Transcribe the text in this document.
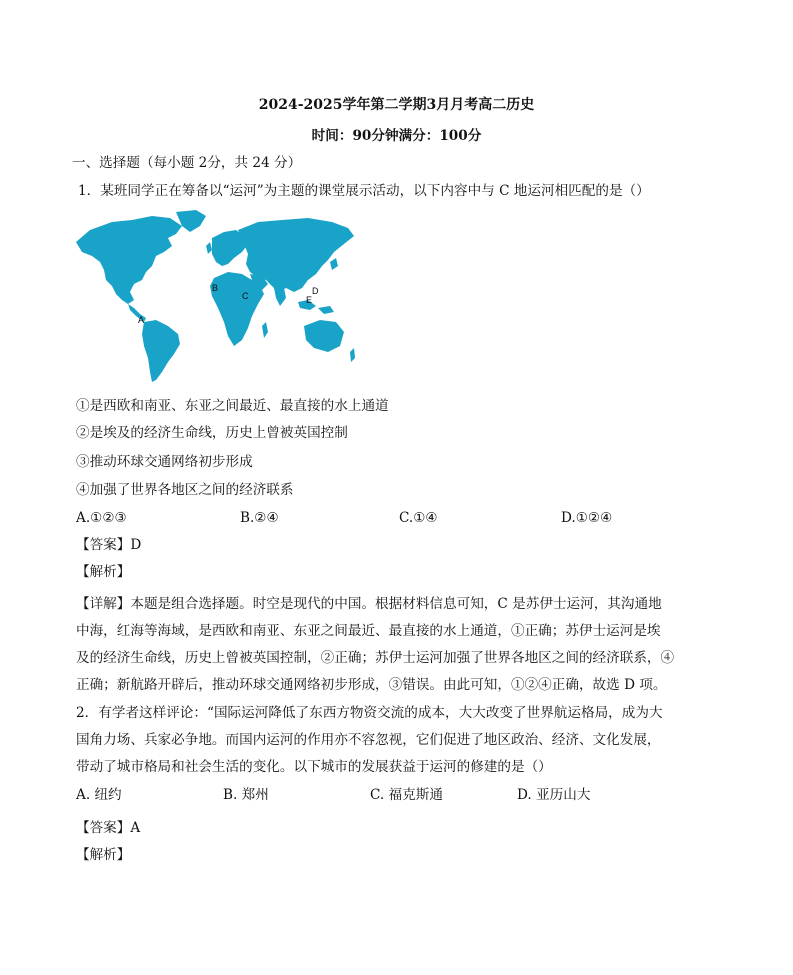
2024-2025学年第二学期3月月考高二历史
时间：90分钟满分：100分
一、选择题（每小题 2分，共 24 分）
1．某班同学正在筹备以“运河”为主题的课堂展示活动，以下内容中与 C 地运河相匹配的是（）
A
B
C	D
E
①是西欧和南亚、东亚之间最近、最直接的水上通道
②是埃及的经济生命线，历史上曾被英国控制
③推动环球交通网络初步形成
④加强了世界各地区之间的经济联系
A.①②③	B.②④	C.①④	D.①②④
【答案】D
【解析】
【详解】本题是组合选择题。时空是现代的中国。根据材料信息可知，C 是苏伊士运河，其沟通地
中海，红海等海域，是西欧和南亚、东亚之间最近、最直接的水上通道，①正确；苏伊士运河是埃
及的经济生命线，历史上曾被英国控制，②正确；苏伊士运河加强了世界各地区之间的经济联系，④
正确；新航路开辟后，推动环球交通网络初步形成，③错误。由此可知，①②④正确，故选 D 项。
2．有学者这样评论：“国际运河降低了东西方物资交流的成本，大大改变了世界航运格局，成为大
国角力场、兵家必争地。而国内运河的作用亦不容忽视，它们促进了地区政治、经济、文化发展，
带动了城市格局和社会生活的变化。以下城市的发展获益于运河的修建的是（）
A. 纽约	B. 郑州	C. 福克斯通	D. 亚历山大
【答案】A
【解析】
